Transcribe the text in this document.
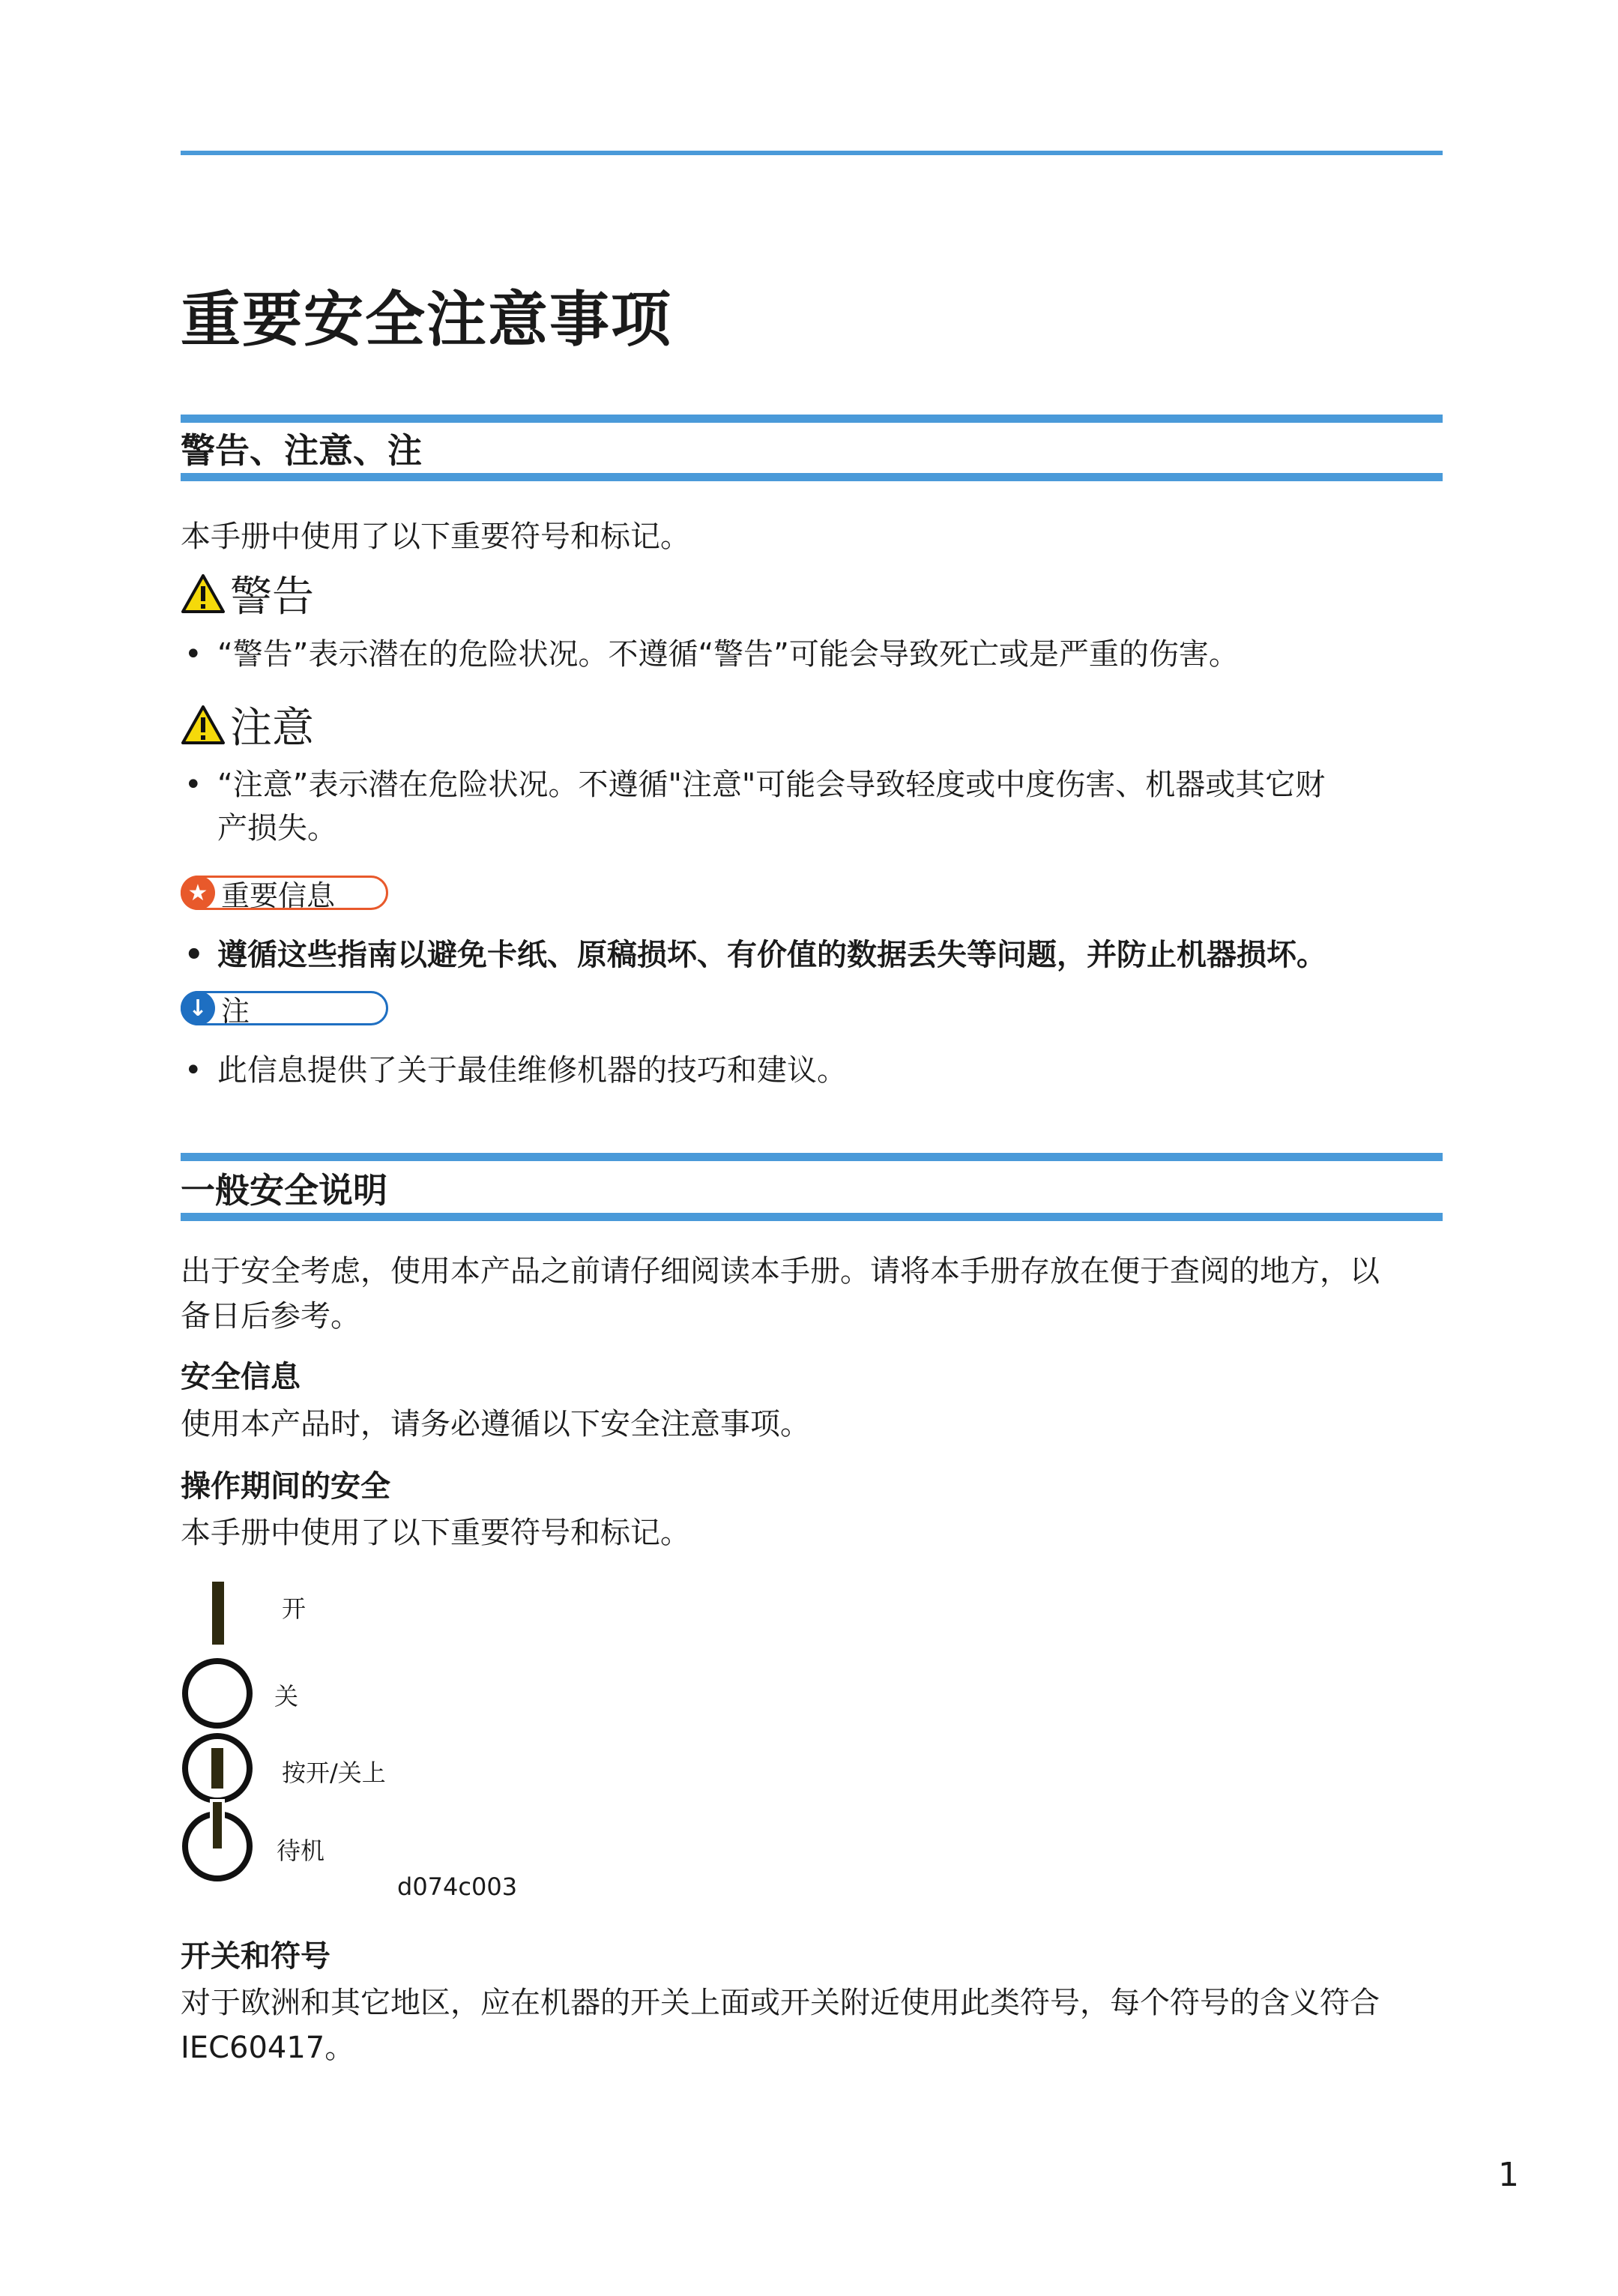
重要安全注意事项
警告、注意、注
本手册中使用了以下重要符号和标记。
警告
• “警告”表示潜在的危险状况。不遵循“警告”可能会导致死亡或是严重的伤害。
注意
• “注意”表示潜在危险状况。不遵循"注意"可能会导致轻度或中度伤害、机器或其它财
产损失。
★ 重要信息
• 遵循这些指南以避免卡纸、原稿损坏、有价值的数据丢失等问题，并防止机器损坏。
↓ 注
• 此信息提供了关于最佳维修机器的技巧和建议。
一般安全说明
出于安全考虑，使用本产品之前请仔细阅读本手册。请将本手册存放在便于查阅的地方，以
备日后参考。
安全信息
使用本产品时，请务必遵循以下安全注意事项。
操作期间的安全
本手册中使用了以下重要符号和标记。
开
关
按开/关上
待机
d074c003
开关和符号
对于欧洲和其它地区，应在机器的开关上面或开关附近使用此类符号，每个符号的含义符合
IEC60417。
1
